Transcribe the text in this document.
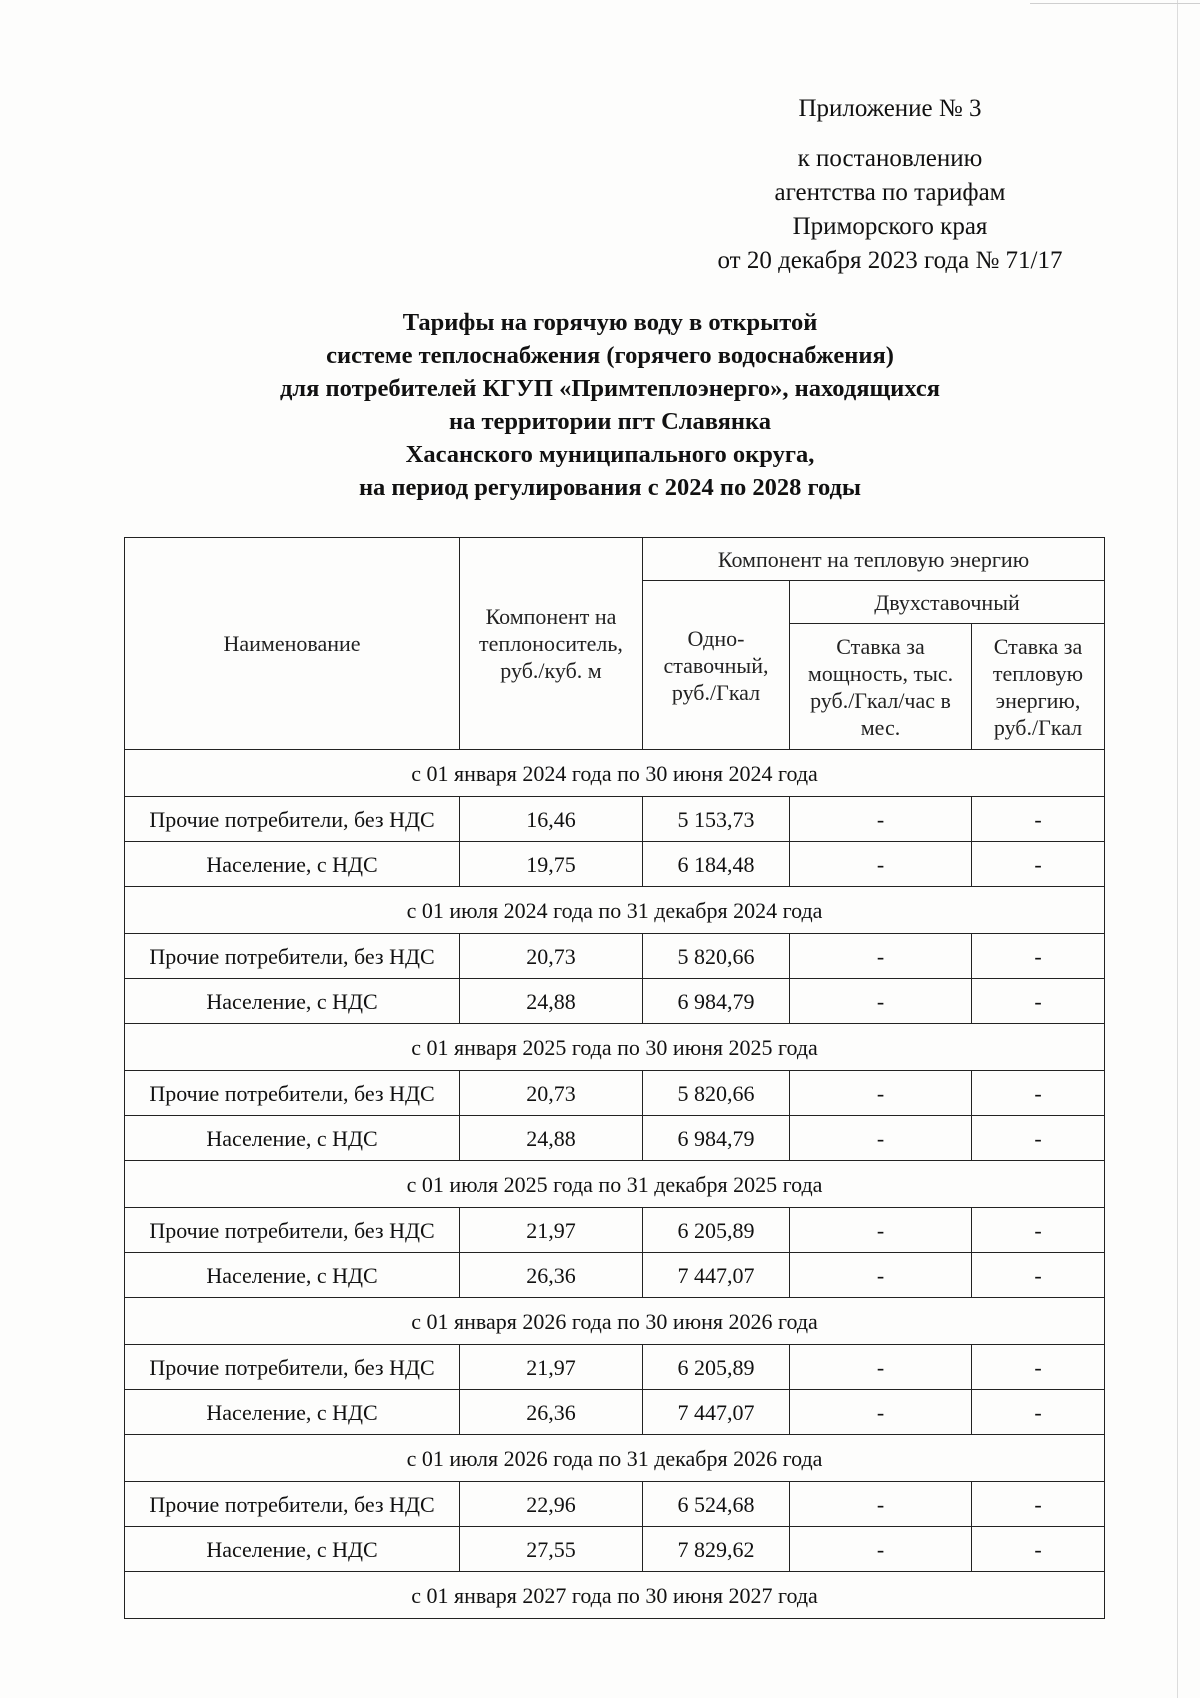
Приложение № 3
к постановлению
агентства по тарифам
Приморского края
от 20 декабря 2023 года № 71/17
Тарифы на горячую воду в открытой
системе теплоснабжения (горячего водоснабжения)
для потребителей КГУП «Примтеплоэнерго», находящихся
на территории пгт Славянка
Хасанского муниципального округа,
на период регулирования с 2024 по 2028 годы
Наименование	Компонент на теплоноситель, руб./куб. м	Компонент на тепловую энергию		
		Одно-ставочный, руб./Гкал	Двухставочный	
			Ставка за мощность, тыс. руб./Гкал/час в мес.	Ставка за тепловую энергию, руб./Гкал
с 01 января 2024 года по 30 июня 2024 года				
Прочие потребители, без НДС	16,46	5 153,73	-	-
Население, с НДС	19,75	6 184,48	-	-
с 01 июля 2024 года по 31 декабря 2024 года				
Прочие потребители, без НДС	20,73	5 820,66	-	-
Население, с НДС	24,88	6 984,79	-	-
с 01 января 2025 года по 30 июня 2025 года				
Прочие потребители, без НДС	20,73	5 820,66	-	-
Население, с НДС	24,88	6 984,79	-	-
с 01 июля 2025 года по 31 декабря 2025 года				
Прочие потребители, без НДС	21,97	6 205,89	-	-
Население, с НДС	26,36	7 447,07	-	-
с 01 января 2026 года по 30 июня 2026 года				
Прочие потребители, без НДС	21,97	6 205,89	-	-
Население, с НДС	26,36	7 447,07	-	-
с 01 июля 2026 года по 31 декабря 2026 года				
Прочие потребители, без НДС	22,96	6 524,68	-	-
Население, с НДС	27,55	7 829,62	-	-
с 01 января 2027 года по 30 июня 2027 года				
